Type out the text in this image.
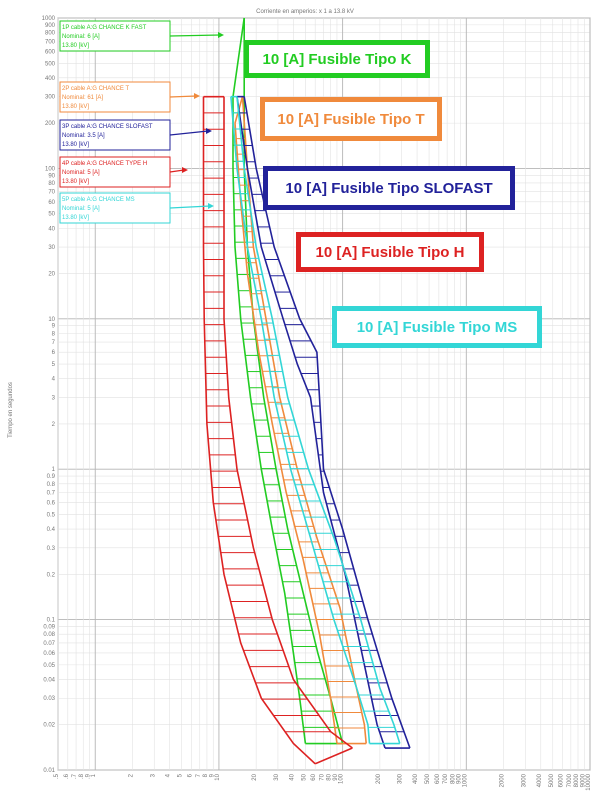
Corriente en amperios: x 1 a 13.8 kV
Tiempo en segundos
0.01
0.02
0.03
0.04
0.05
0.06
0.07
0.08
0.09
0.1
0.2
0.3
0.4
0.5
0.6
0.7
0.8
0.9
1
2
3
4
5
6
7
8
9
10
20
30
40
50
60
70
80
90
100
200
300
400
500
600
700
800
900
1000
.5 .6 .7 .8 .9 1	2	3 4 5 6 7 8 9 10	20	30 40 50 60 70 80 90 100	200	300 400 500 600 700 800 900 1000	2000	3000 4000 5000 6000 7000 8000 9000 10000
1P cable A:G CHANCE K FAST
Nominal: 6 [A]
13.80 [kV]
2P cable A:G CHANCE T
Nominal: 61 [A]
13.80 [kV]
3P cable A:G CHANCE SLOFAST
Nominal: 3.5 [A]
13.80 [kV]
4P cable A:G CHANCE TYPE H
Nominal: 5 [A]
13.80 [kV]
5P cable A:G CHANCE MS
Nominal: 5 [A]
13.80 [kV]
10 [A] Fusible Tipo K
10 [A] Fusible Tipo T
10 [A] Fusible Tipo SLOFAST
10 [A] Fusible Tipo H
10 [A] Fusible Tipo MS
